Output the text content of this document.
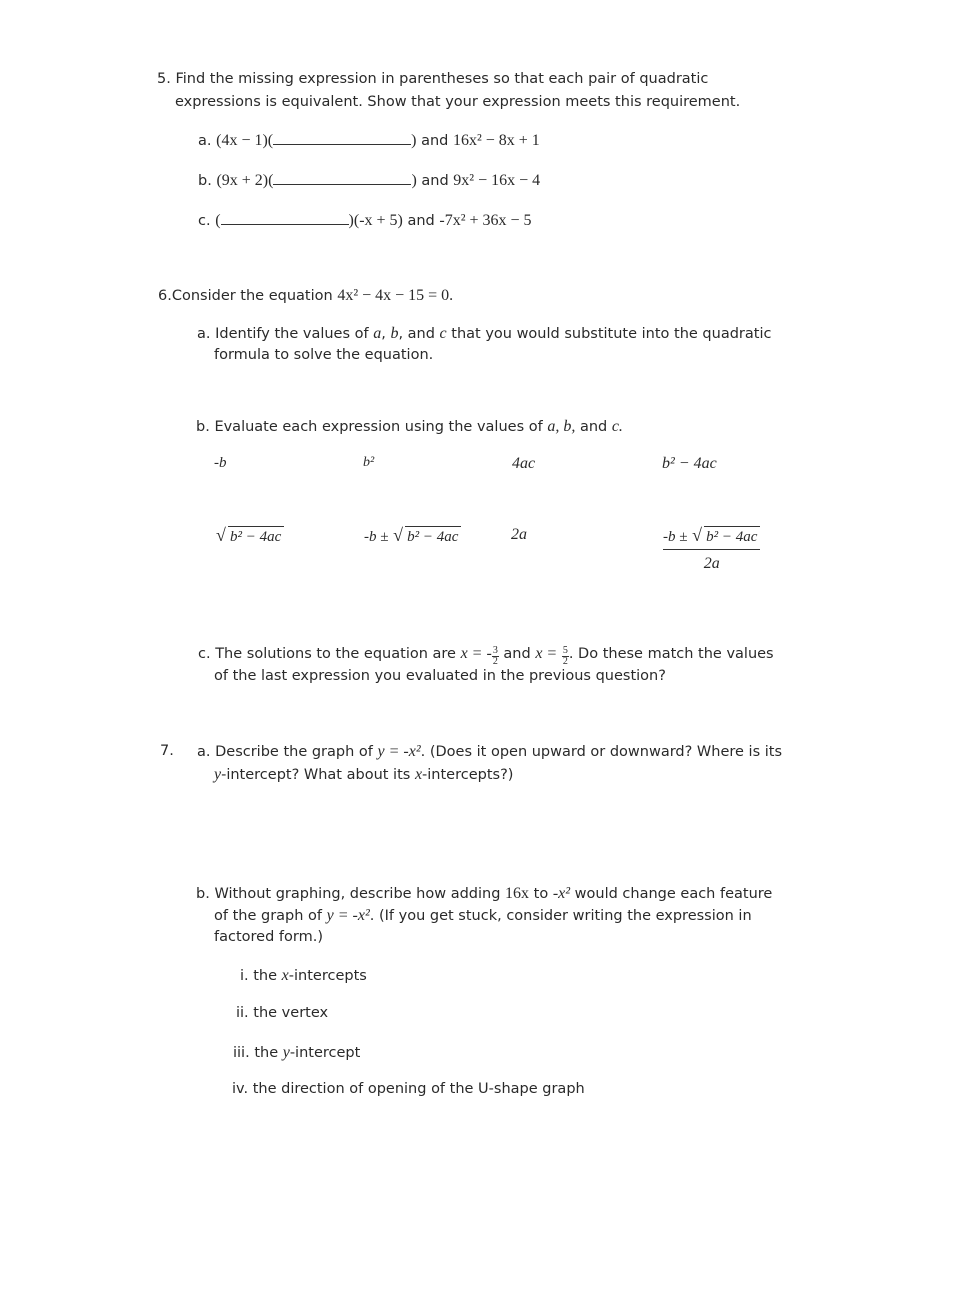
5. Find the missing expression in parentheses so that each pair of quadratic
expressions is equivalent. Show that your expression meets this requirement.
a. (4x − 1)(	) and 16x² − 8x + 1
b. (9x + 2)(	) and 9x² − 16x − 4
c. (	)(-x + 5) and -7x² + 36x − 5
6.Consider the equation 4x² − 4x − 15 = 0.
a. Identify the values of a, b, and c that you would substitute into the quadratic
formula to solve the equation.
b. Evaluate each expression using the values of a, b, and c.
-b	b²	4ac	b² − 4ac
√ b² − 4ac	-b ± √ b² − 4ac	2a	$\frac{\text{-b ± √ b² − 4ac}}{2a}$
c. The solutions to the equation are x = - $\frac{3}{2}$ and $x = \frac{5}{2}$ . Do these match the values
of the last expression you evaluated in the previous question?
7. a. Describe the graph of y = -x². (Does it open upward or downward? Where is its
y-intercept? What about its x-intercepts?)
b. Without graphing, describe how adding 16x to -x² would change each feature
of the graph of y = -x². (If you get stuck, consider writing the expression in
factored form.)
i. the x-intercepts
ii. the vertex
iii. the y-intercept
iv. the direction of opening of the U-shape graph
